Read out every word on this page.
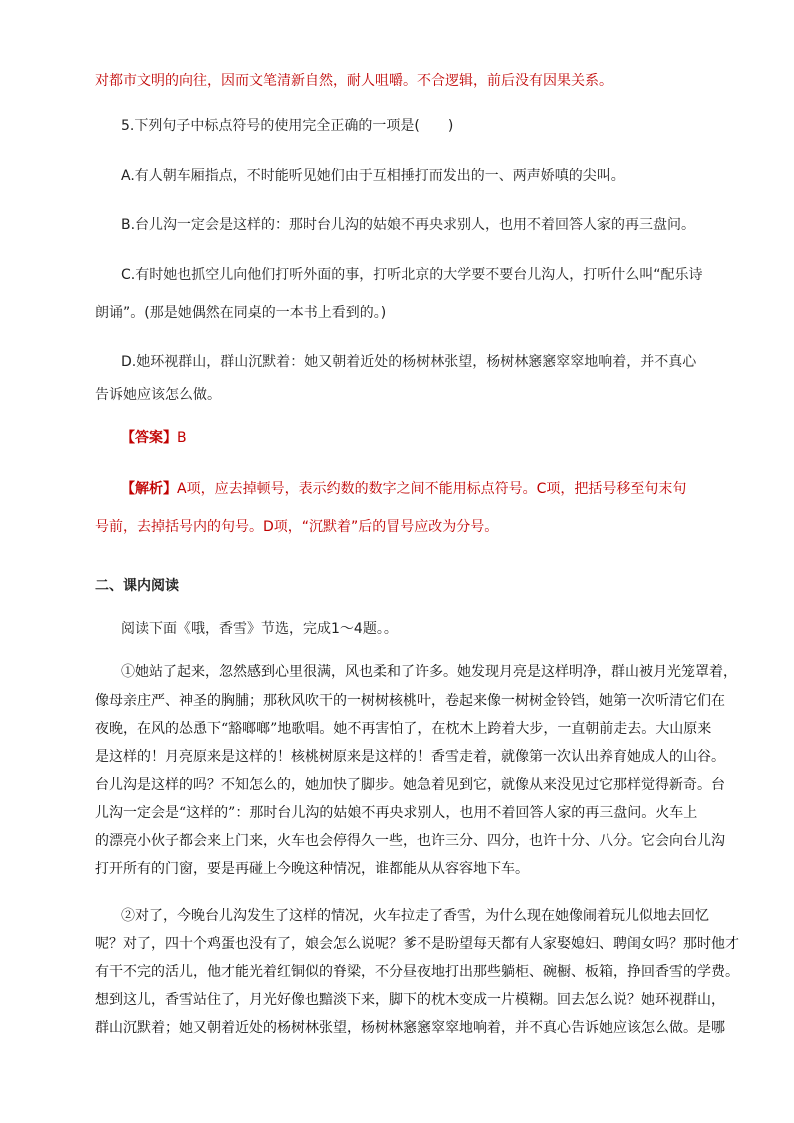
对都市文明的向往，因而文笔清新自然，耐人咀嚼。不合逻辑，前后没有因果关系。
5.下列句子中标点符号的使用完全正确的一项是(　　)
A.有人朝车厢指点，不时能听见她们由于互相捶打而发出的一、两声娇嗔的尖叫。
B.台儿沟一定会是这样的：那时台儿沟的姑娘不再央求别人，也用不着回答人家的再三盘问。
C.有时她也抓空儿向他们打听外面的事，打听北京的大学要不要台儿沟人，打听什么叫“配乐诗
朗诵”。(那是她偶然在同桌的一本书上看到的。)
D.她环视群山，群山沉默着：她又朝着近处的杨树林张望，杨树林窸窸窣窣地响着，并不真心
告诉她应该怎么做。
【答案】B
【解析】A项，应去掉顿号，表示约数的数字之间不能用标点符号。C项，把括号移至句末句
号前，去掉括号内的句号。D项，“沉默着”后的冒号应改为分号。
二、课内阅读
阅读下面《哦，香雪》节选，完成1～4题。。
①她站了起来，忽然感到心里很满，风也柔和了许多。她发现月亮是这样明净，群山被月光笼罩着，
像母亲庄严、神圣的胸脯；那秋风吹干的一树树核桃叶，卷起来像一树树金铃铛，她第一次听清它们在
夜晚，在风的怂恿下“豁啷啷”地歌唱。她不再害怕了，在枕木上跨着大步，一直朝前走去。大山原来
是这样的！月亮原来是这样的！核桃树原来是这样的！香雪走着，就像第一次认出养育她成人的山谷。
台儿沟是这样的吗？不知怎么的，她加快了脚步。她急着见到它，就像从来没见过它那样觉得新奇。台
儿沟一定会是“这样的”：那时台儿沟的姑娘不再央求别人，也用不着回答人家的再三盘问。火车上
的漂亮小伙子都会来上门来，火车也会停得久一些，也许三分、四分，也许十分、八分。它会向台儿沟
打开所有的门窗，要是再碰上今晚这种情况，谁都能从从容容地下车。
②对了，今晚台儿沟发生了这样的情况，火车拉走了香雪，为什么现在她像闹着玩儿似地去回忆
呢？对了，四十个鸡蛋也没有了，娘会怎么说呢？爹不是盼望每天都有人家娶媳妇、聘闺女吗？那时他才
有干不完的活儿，他才能光着红铜似的脊梁，不分昼夜地打出那些躺柜、碗橱、板箱，挣回香雪的学费。
想到这儿，香雪站住了，月光好像也黯淡下来，脚下的枕木变成一片模糊。回去怎么说？她环视群山，
群山沉默着；她又朝着近处的杨树林张望，杨树林窸窸窣窣地响着，并不真心告诉她应该怎么做。是哪
